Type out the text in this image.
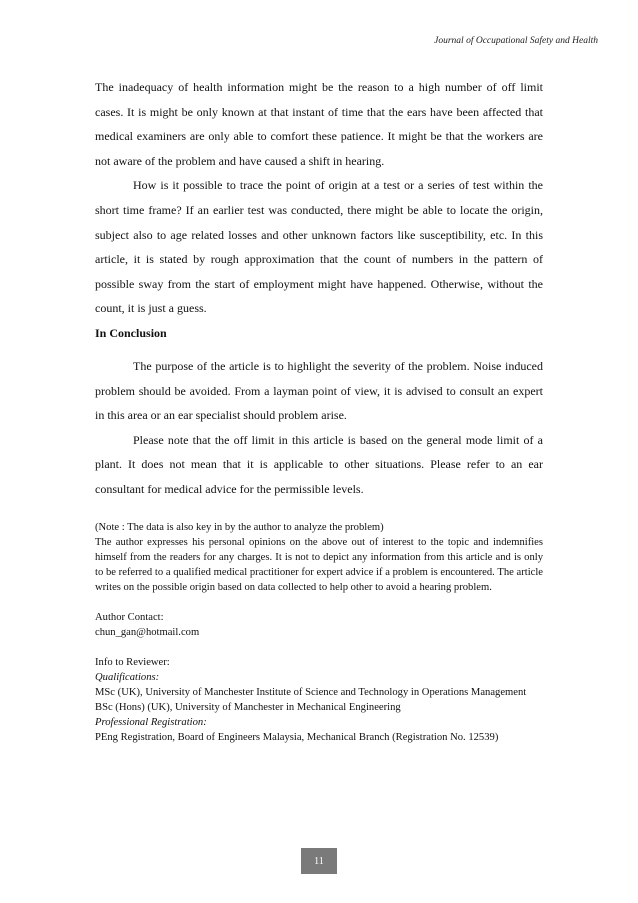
Journal of Occupational Safety and Health

The inadequacy of health information might be the reason to a high number of off limit cases. It is might be only known at that instant of time that the ears have been affected that medical examiners are only able to comfort these patience. It might be that the workers are not aware of the problem and have caused a shift in hearing.

How is it possible to trace the point of origin at a test or a series of test within the short time frame? If an earlier test was conducted, there might be able to locate the origin, subject also to age related losses and other unknown factors like susceptibility, etc. In this article, it is stated by rough approximation that the count of numbers in the pattern of possible sway from the start of employment might have happened. Otherwise, without the count, it is just a guess.

In Conclusion

The purpose of the article is to highlight the severity of the problem. Noise induced problem should be avoided. From a layman point of view, it is advised to consult an expert in this area or an ear specialist should problem arise.

Please note that the off limit in this article is based on the general mode limit of a plant. It does not mean that it is applicable to other situations. Please refer to an ear consultant for medical advice for the permissible levels.

(Note : The data is also key in by the author to analyze the problem)

The author expresses his personal opinions on the above out of interest to the topic and indemnifies himself from the readers for any charges. It is not to depict any information from this article and is only to be referred to a qualified medical practitioner for expert advice if a problem is encountered. The article writes on the possible origin based on data collected to help other to avoid a hearing problem.

Author Contact:

chun_gan@hotmail.com

Info to Reviewer:

Qualifications:

MSc (UK), University of Manchester Institute of Science and Technology in Operations Management

BSc (Hons) (UK), University of Manchester in Mechanical Engineering

Professional Registration:

PEng Registration, Board of Engineers Malaysia, Mechanical Branch (Registration No. 12539)

11
